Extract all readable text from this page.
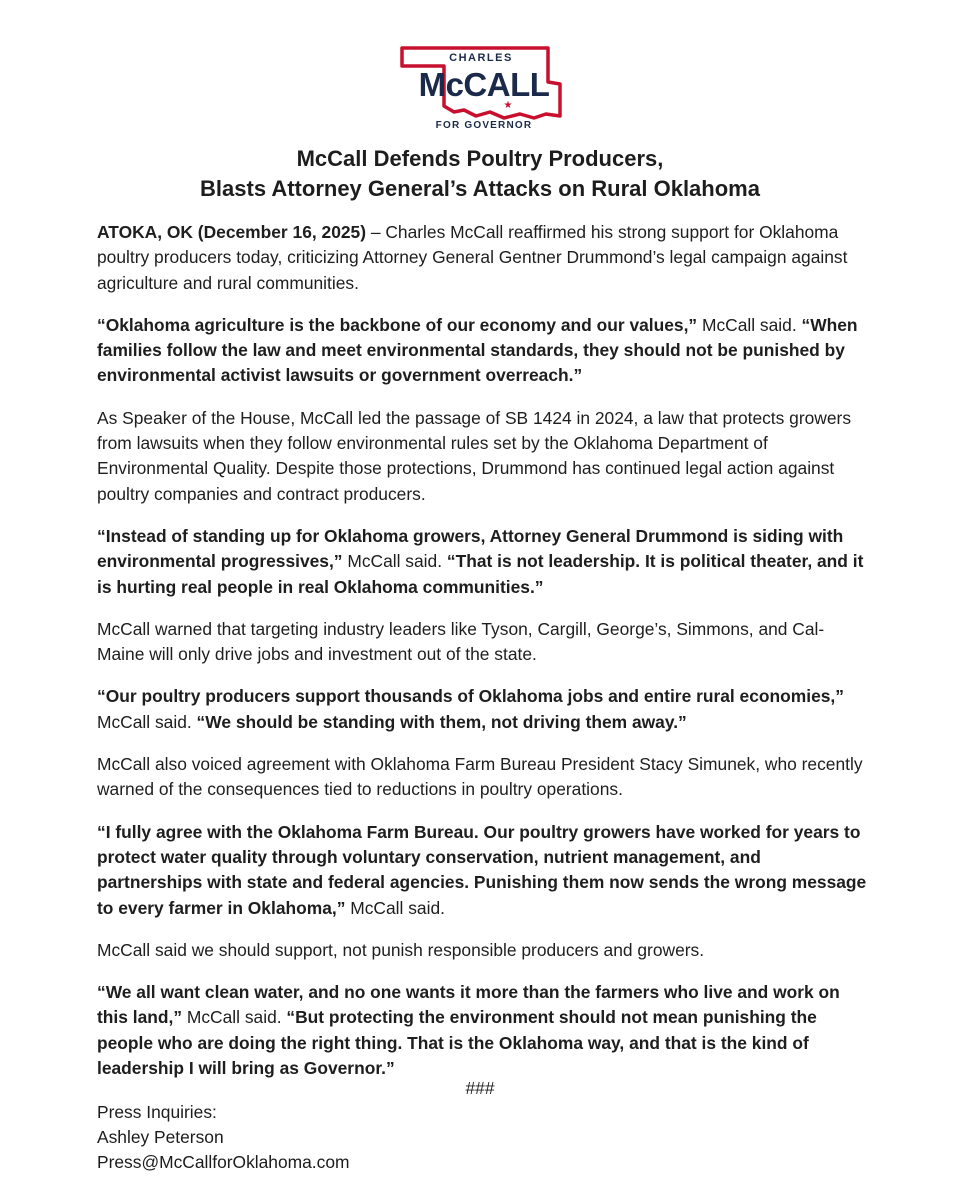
CHARLES
McCALL
★
FOR GOVERNOR
McCall Defends Poultry Producers,
Blasts Attorney General’s Attacks on Rural Oklahoma

ATOKA, OK (December 16, 2025) – Charles McCall reaffirmed his strong support for Oklahoma poultry producers today, criticizing Attorney General Gentner Drummond’s legal campaign against agriculture and rural communities.

“Oklahoma agriculture is the backbone of our economy and our values,” McCall said. “When families follow the law and meet environmental standards, they should not be punished by environmental activist lawsuits or government overreach.”

As Speaker of the House, McCall led the passage of SB 1424 in 2024, a law that protects growers from lawsuits when they follow environmental rules set by the Oklahoma Department of Environmental Quality. Despite those protections, Drummond has continued legal action against poultry companies and contract producers.

“Instead of standing up for Oklahoma growers, Attorney General Drummond is siding with environmental progressives,” McCall said. “That is not leadership. It is political theater, and it is hurting real people in real Oklahoma communities.”

McCall warned that targeting industry leaders like Tyson, Cargill, George’s, Simmons, and Cal-Maine will only drive jobs and investment out of the state.

“Our poultry producers support thousands of Oklahoma jobs and entire rural economies,” McCall said. “We should be standing with them, not driving them away.”

McCall also voiced agreement with Oklahoma Farm Bureau President Stacy Simunek, who recently warned of the consequences tied to reductions in poultry operations.

“I fully agree with the Oklahoma Farm Bureau. Our poultry growers have worked for years to protect water quality through voluntary conservation, nutrient management, and partnerships with state and federal agencies. Punishing them now sends the wrong message to every farmer in Oklahoma,” McCall said.

McCall said we should support, not punish responsible producers and growers.

“We all want clean water, and no one wants it more than the farmers who live and work on this land,” McCall said. “But protecting the environment should not mean punishing the people who are doing the right thing. That is the Oklahoma way, and that is the kind of leadership I will bring as Governor.”

###
Press Inquiries:
Ashley Peterson
Press@McCallforOklahoma.com
